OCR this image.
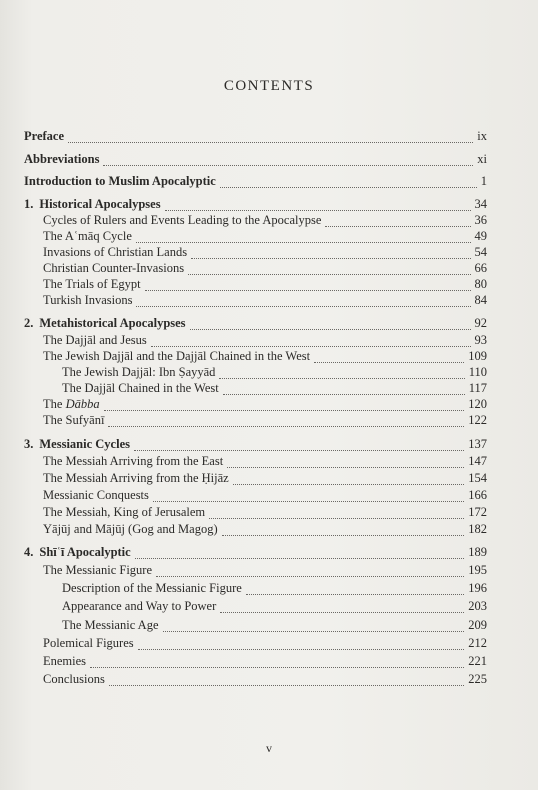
CONTENTS
Preface	ix
Abbreviations	xi
Introduction to Muslim Apocalyptic	1
1. Historical Apocalypses	34
Cycles of Rulers and Events Leading to the Apocalypse	36
The Aʿmāq Cycle	49
Invasions of Christian Lands	54
Christian Counter-Invasions	66
The Trials of Egypt	80
Turkish Invasions	84
2. Metahistorical Apocalypses	92
The Dajjāl and Jesus	93
The Jewish Dajjāl and the Dajjāl Chained in the West	109
The Jewish Dajjāl: Ibn Ṣayyād	110
The Dajjāl Chained in the West	117
The Dābba	120
The Sufyānī	122
3. Messianic Cycles	137
The Messiah Arriving from the East	147
The Messiah Arriving from the Ḥijāz	154
Messianic Conquests	166
The Messiah, King of Jerusalem	172
Yājūj and Mājūj (Gog and Magog)	182
4. Shīʿī Apocalyptic	189
The Messianic Figure	195
Description of the Messianic Figure	196
Appearance and Way to Power	203
The Messianic Age	209
Polemical Figures	212
Enemies	221
Conclusions	225
v
